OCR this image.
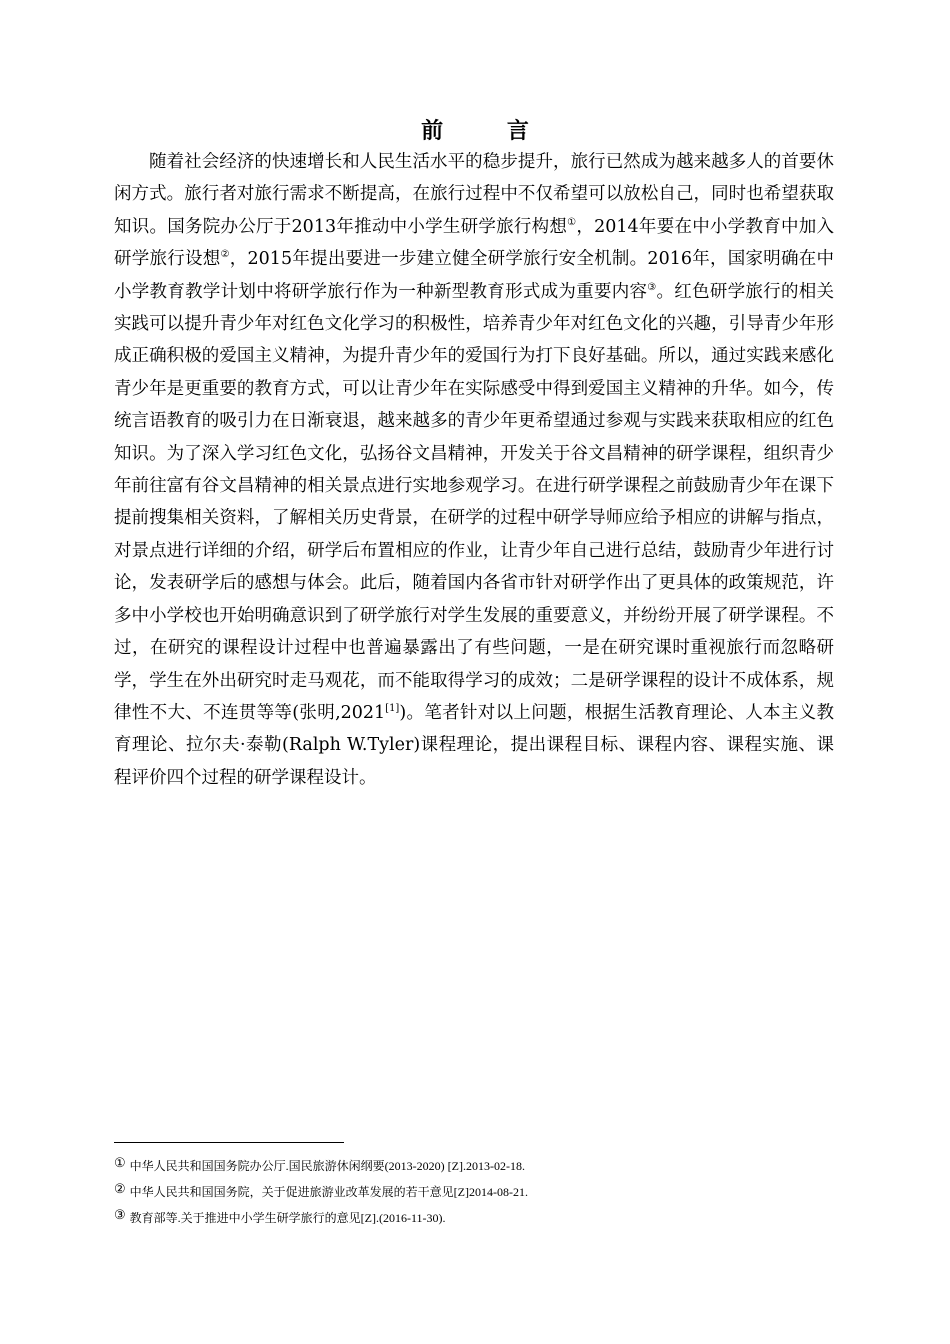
前 言

随着社会经济的快速增长和人民生活水平的稳步提升，旅行已然成为越来越多人的首要休闲方式。旅行者对旅行需求不断提高，在旅行过程中不仅希望可以放松自己，同时也希望获取知识。国务院办公厅于2013年推动中小学生研学旅行构想①，2014年要在中小学教育中加入研学旅行设想②，2015年提出要进一步建立健全研学旅行安全机制。2016年，国家明确在中小学教育教学计划中将研学旅行作为一种新型教育形式成为重要内容③。红色研学旅行的相关实践可以提升青少年对红色文化学习的积极性，培养青少年对红色文化的兴趣，引导青少年形成正确积极的爱国主义精神，为提升青少年的爱国行为打下良好基础。所以，通过实践来感化青少年是更重要的教育方式，可以让青少年在实际感受中得到爱国主义精神的升华。如今，传统言语教育的吸引力在日渐衰退，越来越多的青少年更希望通过参观与实践来获取相应的红色知识。为了深入学习红色文化，弘扬谷文昌精神，开发关于谷文昌精神的研学课程，组织青少年前往富有谷文昌精神的相关景点进行实地参观学习。在进行研学课程之前鼓励青少年在课下提前搜集相关资料，了解相关历史背景，在研学的过程中研学导师应给予相应的讲解与指点，对景点进行详细的介绍，研学后布置相应的作业，让青少年自己进行总结，鼓励青少年进行讨论，发表研学后的感想与体会。此后，随着国内各省市针对研学作出了更具体的政策规范，许多中小学校也开始明确意识到了研学旅行对学生发展的重要意义，并纷纷开展了研学课程。不过，在研究的课程设计过程中也普遍暴露出了有些问题，一是在研究课时重视旅行而忽略研学，学生在外出研究时走马观花，而不能取得学习的成效；二是研学课程的设计不成体系，规律性不大、不连贯等等(张明,2021[1])。笔者针对以上问题，根据生活教育理论、人本主义教育理论、拉尔夫·泰勒(Ralph W.Tyler)课程理论，提出课程目标、课程内容、课程实施、课程评价四个过程的研学课程设计。

① 中华人民共和国国务院办公厅.国民旅游休闲纲要(2013-2020) [Z].2013-02-18.
② 中华人民共和国国务院，关于促进旅游业改革发展的若干意见[Z]2014-08-21.
③ 教育部等.关于推进中小学生研学旅行的意见[Z].(2016-11-30).
